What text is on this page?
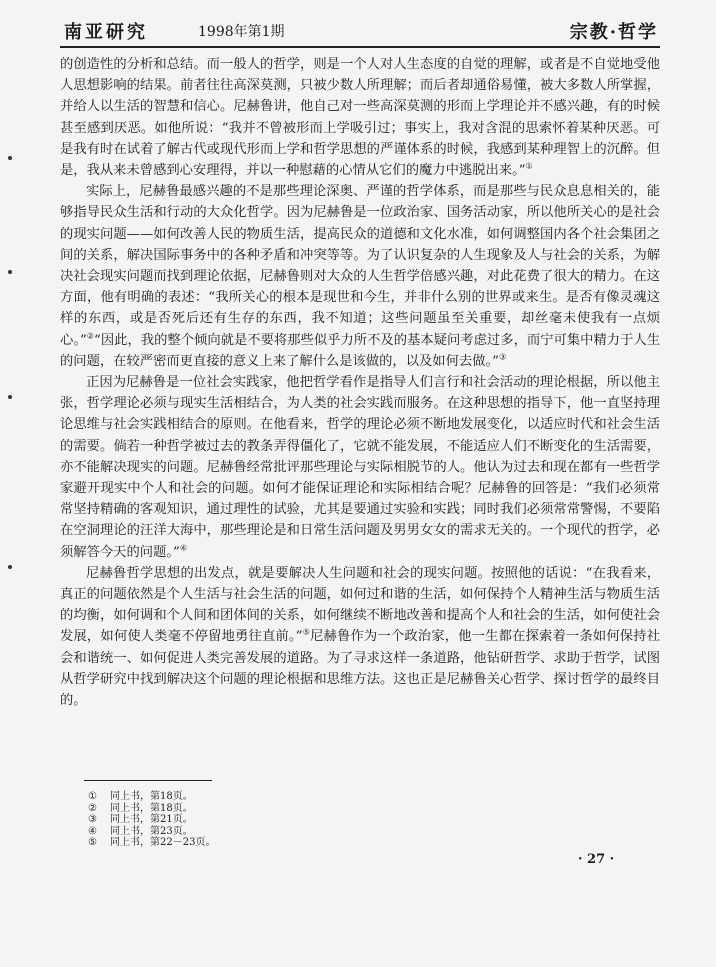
南亚研究	1998年第1期	宗教·哲学

的创造性的分析和总结。而一般人的哲学，则是一个人对人生态度的自觉的理解，或者是不自觉地受他人思想影响的结果。前者往往高深莫测，只被少数人所理解；而后者却通俗易懂，被大多数人所掌握，并给人以生活的智慧和信心。尼赫鲁讲，他自己对一些高深莫测的形而上学理论并不感兴趣，有的时候甚至感到厌恶。如他所说：“我并不曾被形而上学吸引过；事实上，我对含混的思索怀着某种厌恶。可是我有时在试着了解古代或现代形而上学和哲学思想的严谨体系的时候，我感到某种理智上的沉醉。但是，我从来未曾感到心安理得，并以一种慰藉的心情从它们的魔力中逃脱出来。”①

实际上，尼赫鲁最感兴趣的不是那些理论深奥、严谨的哲学体系，而是那些与民众息息相关的，能够指导民众生活和行动的大众化哲学。因为尼赫鲁是一位政治家、国务活动家，所以他所关心的是社会的现实问题——如何改善人民的物质生活，提高民众的道德和文化水准，如何调整国内各个社会集团之间的关系，解决国际事务中的各种矛盾和冲突等等。为了认识复杂的人生现象及人与社会的关系，为解决社会现实问题而找到理论依据，尼赫鲁则对大众的人生哲学倍感兴趣，对此花费了很大的精力。在这方面，他有明确的表述：“我所关心的根本是现世和今生，并非什么别的世界或来生。是否有像灵魂这样的东西，或是否死后还有生存的东西，我不知道；这些问题虽至关重要，却丝毫未使我有一点烦心。”②“因此，我的整个倾向就是不要将那些似乎力所不及的基本疑问考虑过多，而宁可集中精力于人生的问题，在较严密而更直接的意义上来了解什么是该做的，以及如何去做。”③

正因为尼赫鲁是一位社会实践家，他把哲学看作是指导人们言行和社会活动的理论根据，所以他主张，哲学理论必须与现实生活相结合，为人类的社会实践而服务。在这种思想的指导下，他一直坚持理论思维与社会实践相结合的原则。在他看来，哲学的理论必须不断地发展变化，以适应时代和社会生活的需要。倘若一种哲学被过去的教条弄得僵化了，它就不能发展，不能适应人们不断变化的生活需要，亦不能解决现实的问题。尼赫鲁经常批评那些理论与实际相脱节的人。他认为过去和现在都有一些哲学家避开现实中个人和社会的问题。如何才能保证理论和实际相结合呢？尼赫鲁的回答是：“我们必须常常坚持精确的客观知识，通过理性的试验，尤其是要通过实验和实践；同时我们必须常常警惕，不要陷在空洞理论的汪洋大海中，那些理论是和日常生活问题及男男女女的需求无关的。一个现代的哲学，必须解答今天的问题。”④

尼赫鲁哲学思想的出发点，就是要解决人生问题和社会的现实问题。按照他的话说：“在我看来，真正的问题依然是个人生活与社会生活的问题，如何过和谐的生活，如何保持个人精神生活与物质生活的均衡，如何调和个人间和团体间的关系，如何继续不断地改善和提高个人和社会的生活，如何使社会发展，如何使人类毫不停留地勇往直前。”⑤尼赫鲁作为一个政治家，他一生都在探索着一条如何保持社会和谐统一、如何促进人类完善发展的道路。为了寻求这样一条道路，他钻研哲学、求助于哲学，试图从哲学研究中找到解决这个问题的理论根据和思维方法。这也正是尼赫鲁关心哲学、探讨哲学的最终目的。

① 同上书，第18页。
② 同上书，第18页。
③ 同上书，第21页。
④ 同上书，第23页。
⑤ 同上书，第22－23页。
· 27 ·
